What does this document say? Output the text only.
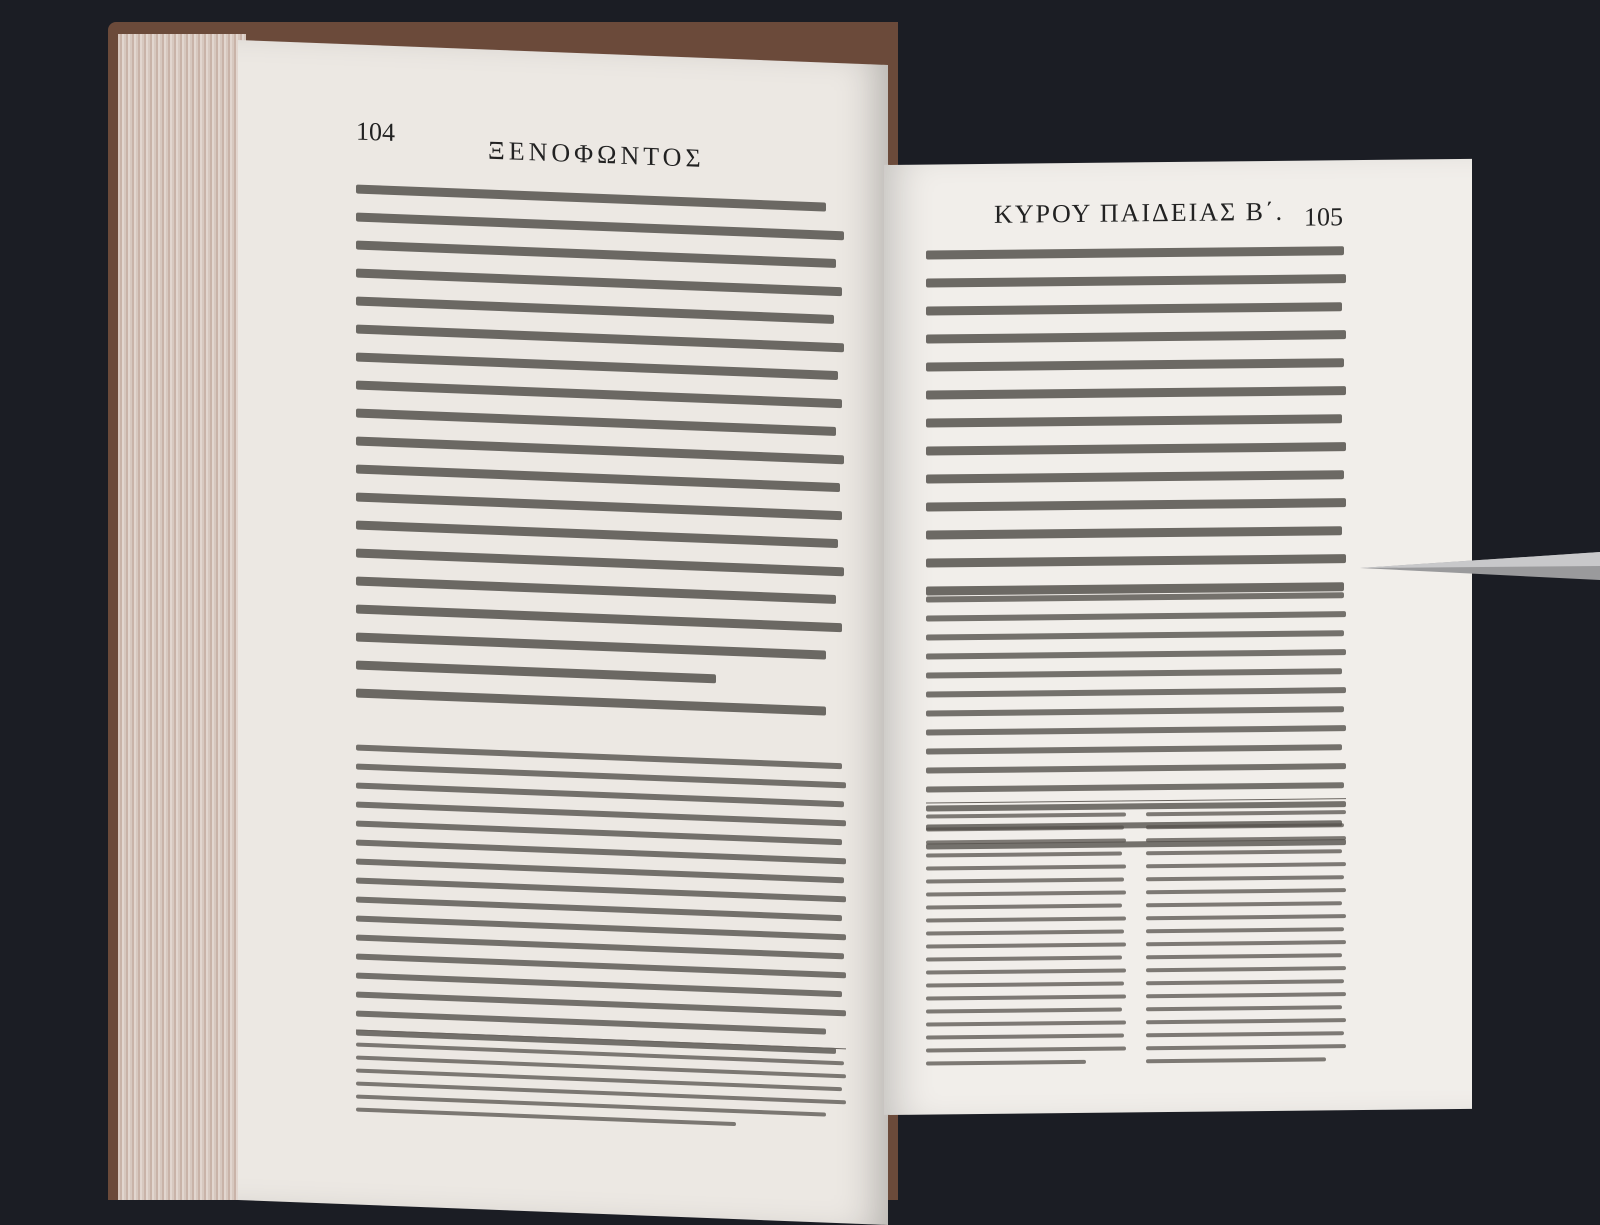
104
ΞΕΝΟΦΩΝΤΟΣ
ΚΥΡΟΥ ΠΑΙΔΕΙΑΣ Β΄. 105
